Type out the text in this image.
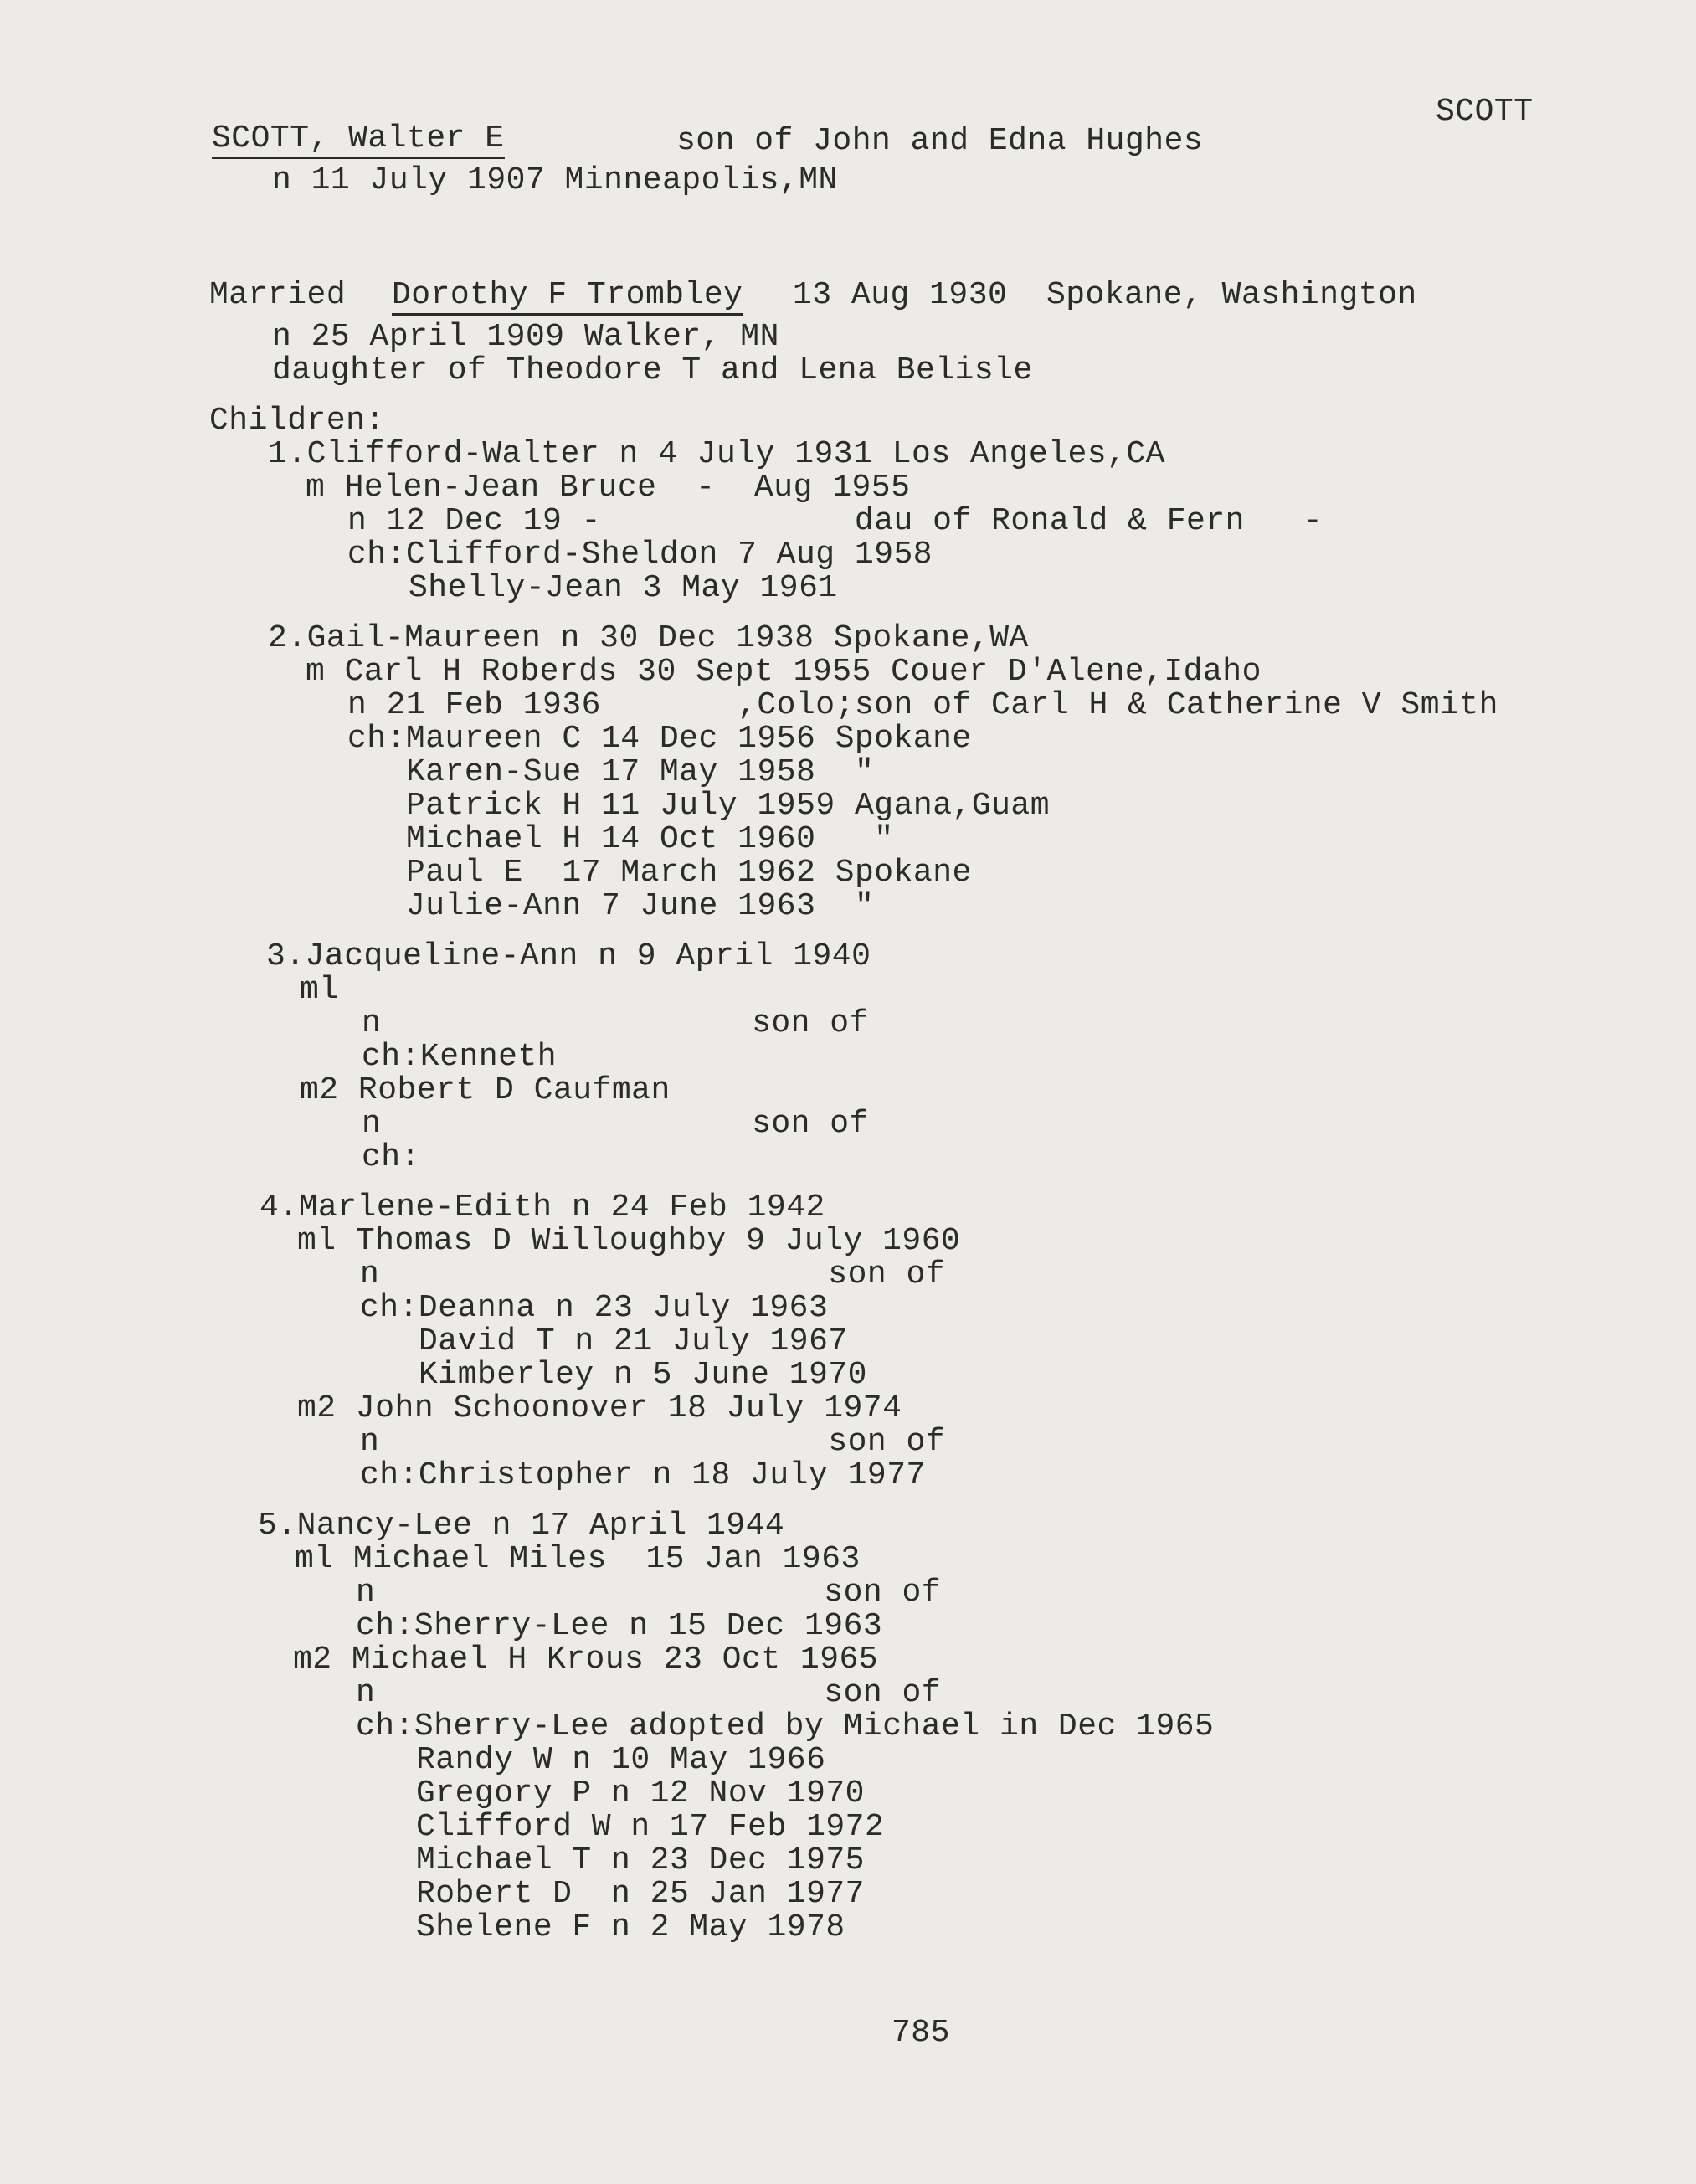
SCOTT
SCOTT, Walter E	son of John and Edna Hughes
n 11 July 1907 Minneapolis,MN
Married Dorothy F Trombley 13 Aug 1930  Spokane, Washington
n 25 April 1909 Walker, MN
daughter of Theodore T and Lena Belisle
Children:
1.Clifford-Walter n 4 July 1931 Los Angeles,CA
m Helen-Jean Bruce  -  Aug 1955
n 12 Dec 19 -             dau of Ronald & Fern   -
ch:Clifford-Sheldon 7 Aug 1958
Shelly-Jean 3 May 1961
2.Gail-Maureen n 30 Dec 1938 Spokane,WA
m Carl H Roberds 30 Sept 1955 Couer D'Alene,Idaho
n 21 Feb 1936       ,Colo;son of Carl H & Catherine V Smith
ch:Maureen C 14 Dec 1956 Spokane
Karen-Sue 17 May 1958  "
Patrick H 11 July 1959 Agana,Guam
Michael H 14 Oct 1960   "
Paul E  17 March 1962 Spokane
Julie-Ann 7 June 1963  "
3.Jacqueline-Ann n 9 April 1940
ml
n                   son of
ch:Kenneth
m2 Robert D Caufman
n                   son of
ch:
4.Marlene-Edith n 24 Feb 1942
ml Thomas D Willoughby 9 July 1960
n                       son of
ch:Deanna n 23 July 1963
David T n 21 July 1967
Kimberley n 5 June 1970
m2 John Schoonover 18 July 1974
n                       son of
ch:Christopher n 18 July 1977
5.Nancy-Lee n 17 April 1944
ml Michael Miles  15 Jan 1963
n                       son of
ch:Sherry-Lee n 15 Dec 1963
m2 Michael H Krous 23 Oct 1965
n                       son of
ch:Sherry-Lee adopted by Michael in Dec 1965
Randy W n 10 May 1966
Gregory P n 12 Nov 1970
Clifford W n 17 Feb 1972
Michael T n 23 Dec 1975
Robert D  n 25 Jan 1977
Shelene F n 2 May 1978
785
